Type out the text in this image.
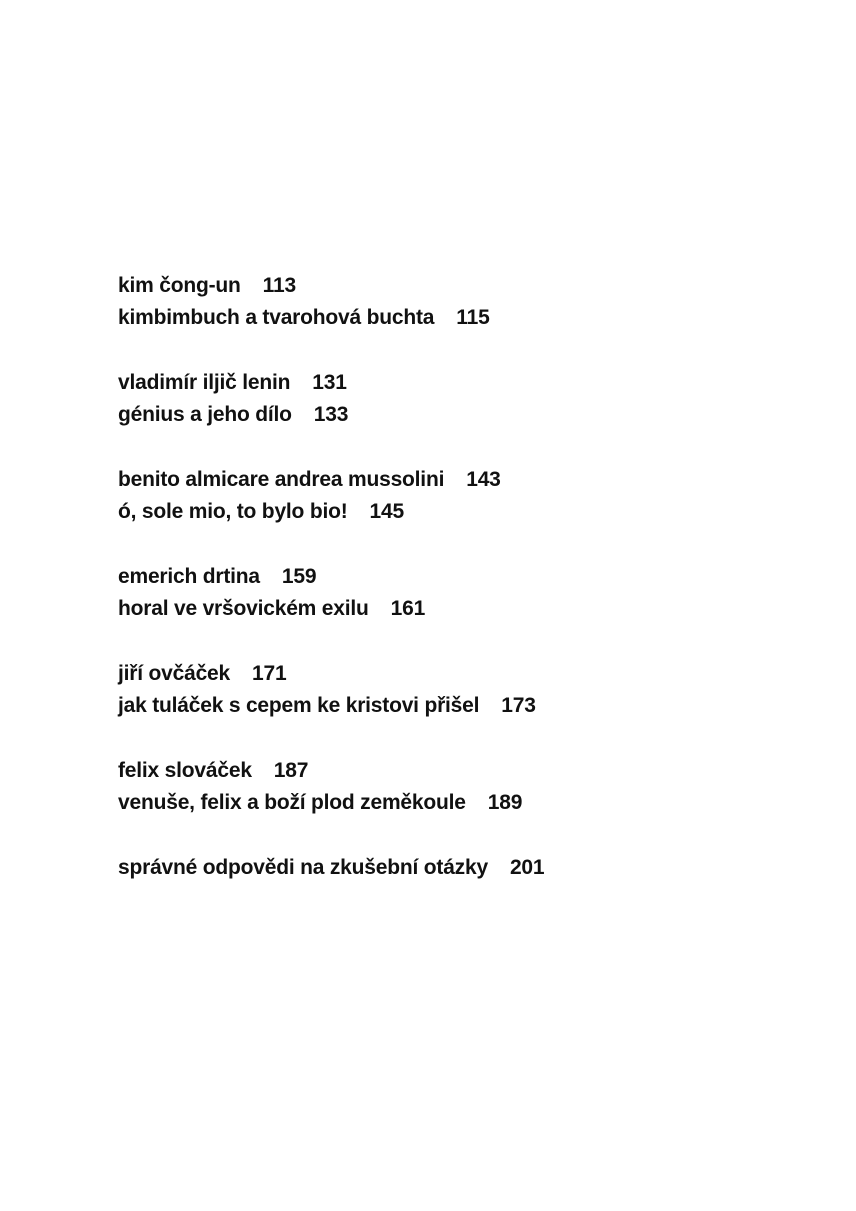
kim čong-un 113
kimbimbuch a tvarohová buchta 115
vladimír iljič lenin 131
génius a jeho dílo 133
benito almicare andrea mussolini 143
ó, sole mio, to bylo bio! 145
emerich drtina 159
horal ve vršovickém exilu 161
jiří ovčáček 171
jak tuláček s cepem ke kristovi přišel 173
felix slováček 187
venuše, felix a boží plod zeměkoule 189
správné odpovědi na zkušební otázky 201
